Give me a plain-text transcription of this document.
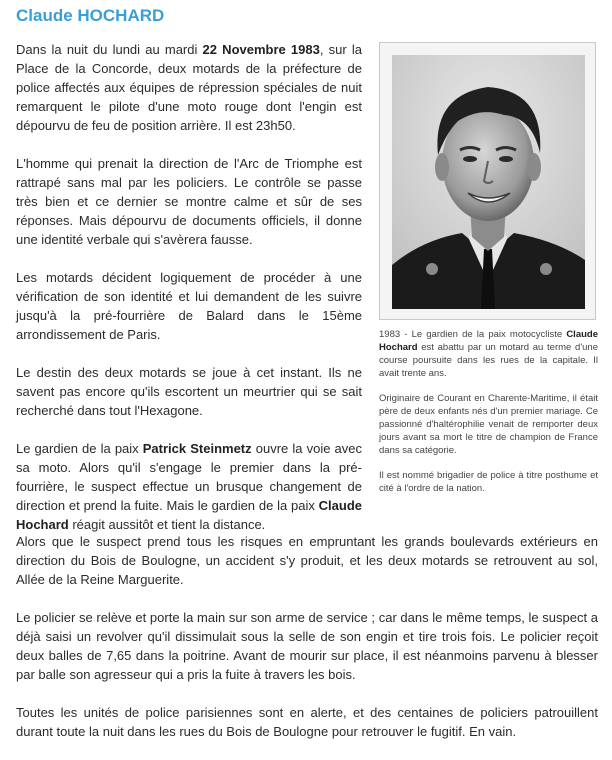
Claude HOCHARD

Dans la nuit du lundi au mardi 22 Novembre 1983, sur la Place de la Concorde, deux motards de la préfecture de police affectés aux équipes de répression spéciales de nuit remarquent le pilote d'une moto rouge dont l'engin est dépourvu de feu de position arrière. Il est 23h50.

L'homme qui prenait la direction de l'Arc de Triomphe est rattrapé sans mal par les policiers. Le contrôle se passe très bien et ce dernier se montre calme et sûr de ses réponses. Mais dépourvu de documents officiels, il donne une identité verbale qui s'avèrera fausse.

Les motards décident logiquement de procéder à une vérification de son identité et lui demandent de les suivre jusqu'à la pré-fourrière de Balard dans le 15ème arrondissement de Paris.

Le destin des deux motards se joue à cet instant. Ils ne savent pas encore qu'ils escortent un meurtrier qui se sait recherché dans tout l'Hexagone.

Le gardien de la paix Patrick Steinmetz ouvre la voie avec sa moto. Alors qu'il s'engage le premier dans la pré-fourrière, le suspect effectue un brusque changement de direction et prend la fuite. Mais le gardien de la paix Claude Hochard réagit aussitôt et tient la distance.

1983 - Le gardien de la paix motocycliste Claude Hochard est abattu par un motard au terme d'une course poursuite dans les rues de la capitale. Il avait trente ans.

Originaire de Courant en Charente-Maritime, il était père de deux enfants nés d'un premier mariage. Ce passionné d'haltérophilie venait de remporter deux jours avant sa mort le titre de champion de France dans sa catégorie.

Il est nommé brigadier de police à titre posthume et cité à l'ordre de la nation.

Alors que le suspect prend tous les risques en empruntant les grands boulevards extérieurs en direction du Bois de Boulogne, un accident s'y produit, et les deux motards se retrouvent au sol, Allée de la Reine Marguerite.

Le policier se relève et porte la main sur son arme de service ; car dans le même temps, le suspect a déjà saisi un revolver qu'il dissimulait sous la selle de son engin et tire trois fois. Le policier reçoit deux balles de 7,65 dans la poitrine. Avant de mourir sur place, il est néanmoins parvenu à blesser par balle son agresseur qui a pris la fuite à travers les bois.

Toutes les unités de police parisiennes sont en alerte, et des centaines de policiers patrouillent durant toute la nuit dans les rues du Bois de Boulogne pour retrouver le fugitif. En vain.
